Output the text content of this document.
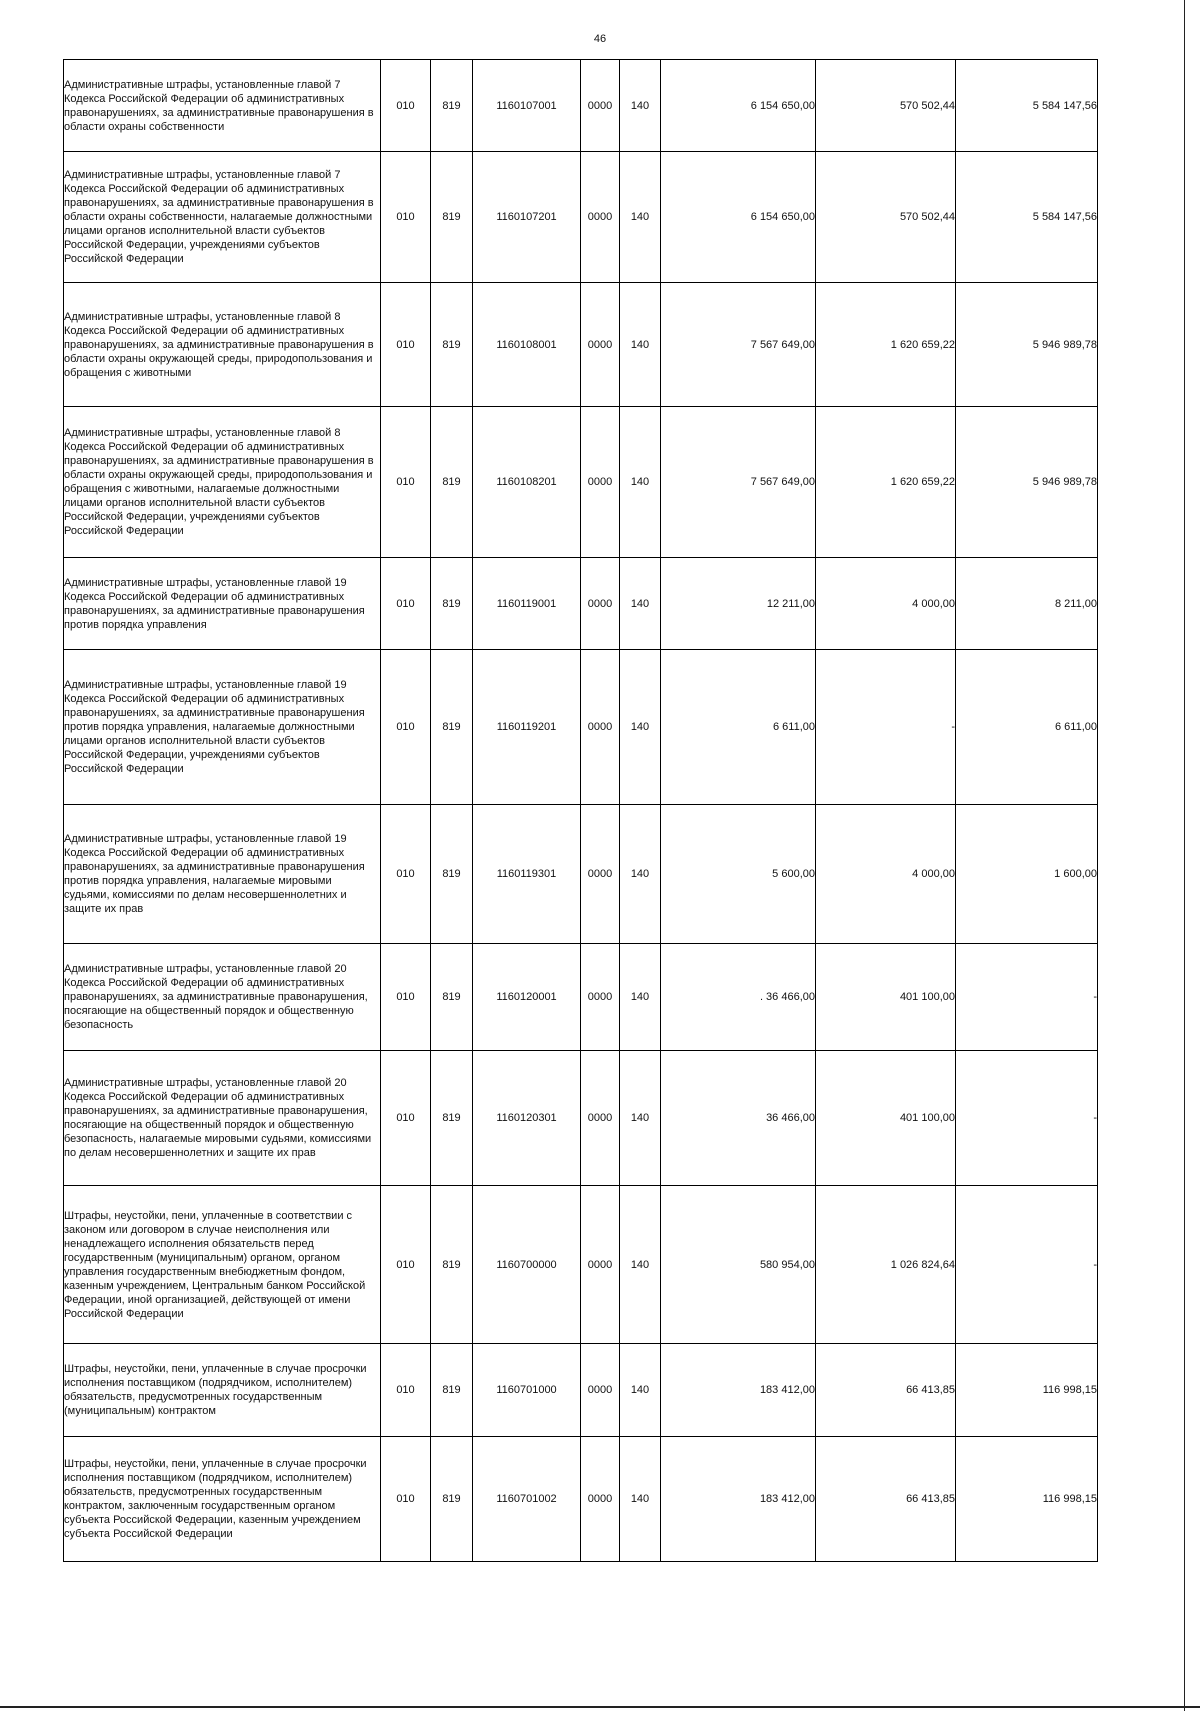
46
Административные штрафы, установленные главой 7 Кодекса Российской Федерации об административных правонарушениях, за административные правонарушения в области охраны собственности	010	819	1160107001	0000	140	6 154 650,00	570 502,44	5 584 147,56
Административные штрафы, установленные главой 7 Кодекса Российской Федерации об административных правонарушениях, за административные правонарушения в области охраны собственности, налагаемые должностными лицами органов исполнительной власти субъектов Российской Федерации, учреждениями субъектов Российской Федерации	010	819	1160107201	0000	140	6 154 650,00	570 502,44	5 584 147,56
Административные штрафы, установленные главой 8 Кодекса Российской Федерации об административных правонарушениях, за административные правонарушения в области охраны окружающей среды, природопользования и обращения с животными	010	819	1160108001	0000	140	7 567 649,00	1 620 659,22	5 946 989,78
Административные штрафы, установленные главой 8 Кодекса Российской Федерации об административных правонарушениях, за административные правонарушения в области охраны окружающей среды, природопользования и обращения с животными, налагаемые должностными лицами органов исполнительной власти субъектов Российской Федерации, учреждениями субъектов Российской Федерации	010	819	1160108201	0000	140	7 567 649,00	1 620 659,22	5 946 989,78
Административные штрафы, установленные главой 19 Кодекса Российской Федерации об административных правонарушениях, за административные правонарушения против порядка управления	010	819	1160119001	0000	140	12 211,00	4 000,00	8 211,00
Административные штрафы, установленные главой 19 Кодекса Российской Федерации об административных правонарушениях, за административные правонарушения против порядка управления, налагаемые должностными лицами органов исполнительной власти субъектов Российской Федерации, учреждениями субъектов Российской Федерации	010	819	1160119201	0000	140	6 611,00	-	6 611,00
Административные штрафы, установленные главой 19 Кодекса Российской Федерации об административных правонарушениях, за административные правонарушения против порядка управления, налагаемые мировыми судьями, комиссиями по делам несовершеннолетних и защите их прав	010	819	1160119301	0000	140	5 600,00	4 000,00	1 600,00
Административные штрафы, установленные главой 20 Кодекса Российской Федерации об административных правонарушениях, за административные правонарушения, посягающие на общественный порядок и общественную безопасность	010	819	1160120001	0000	140	. 36 466,00	401 100,00	-
Административные штрафы, установленные главой 20 Кодекса Российской Федерации об административных правонарушениях, за административные правонарушения, посягающие на общественный порядок и общественную безопасность, налагаемые мировыми судьями, комиссиями по делам несовершеннолетних и защите их прав	010	819	1160120301	0000	140	36 466,00	401 100,00	-
Штрафы, неустойки, пени, уплаченные в соответствии с законом или договором в случае неисполнения или ненадлежащего исполнения обязательств перед государственным (муниципальным) органом, органом управления государственным внебюджетным фондом, казенным учреждением, Центральным банком Российской Федерации, иной организацией, действующей от имени Российской Федерации	010	819	1160700000	0000	140	580 954,00	1 026 824,64	-
Штрафы, неустойки, пени, уплаченные в случае просрочки исполнения поставщиком (подрядчиком, исполнителем) обязательств, предусмотренных государственным (муниципальным) контрактом	010	819	1160701000	0000	140	183 412,00	66 413,85	116 998,15
Штрафы, неустойки, пени, уплаченные в случае просрочки исполнения поставщиком (подрядчиком, исполнителем) обязательств, предусмотренных государственным контрактом, заключенным государственным органом субъекта Российской Федерации, казенным учреждением субъекта Российской Федерации	010	819	1160701002	0000	140	183 412,00	66 413,85	116 998,15
